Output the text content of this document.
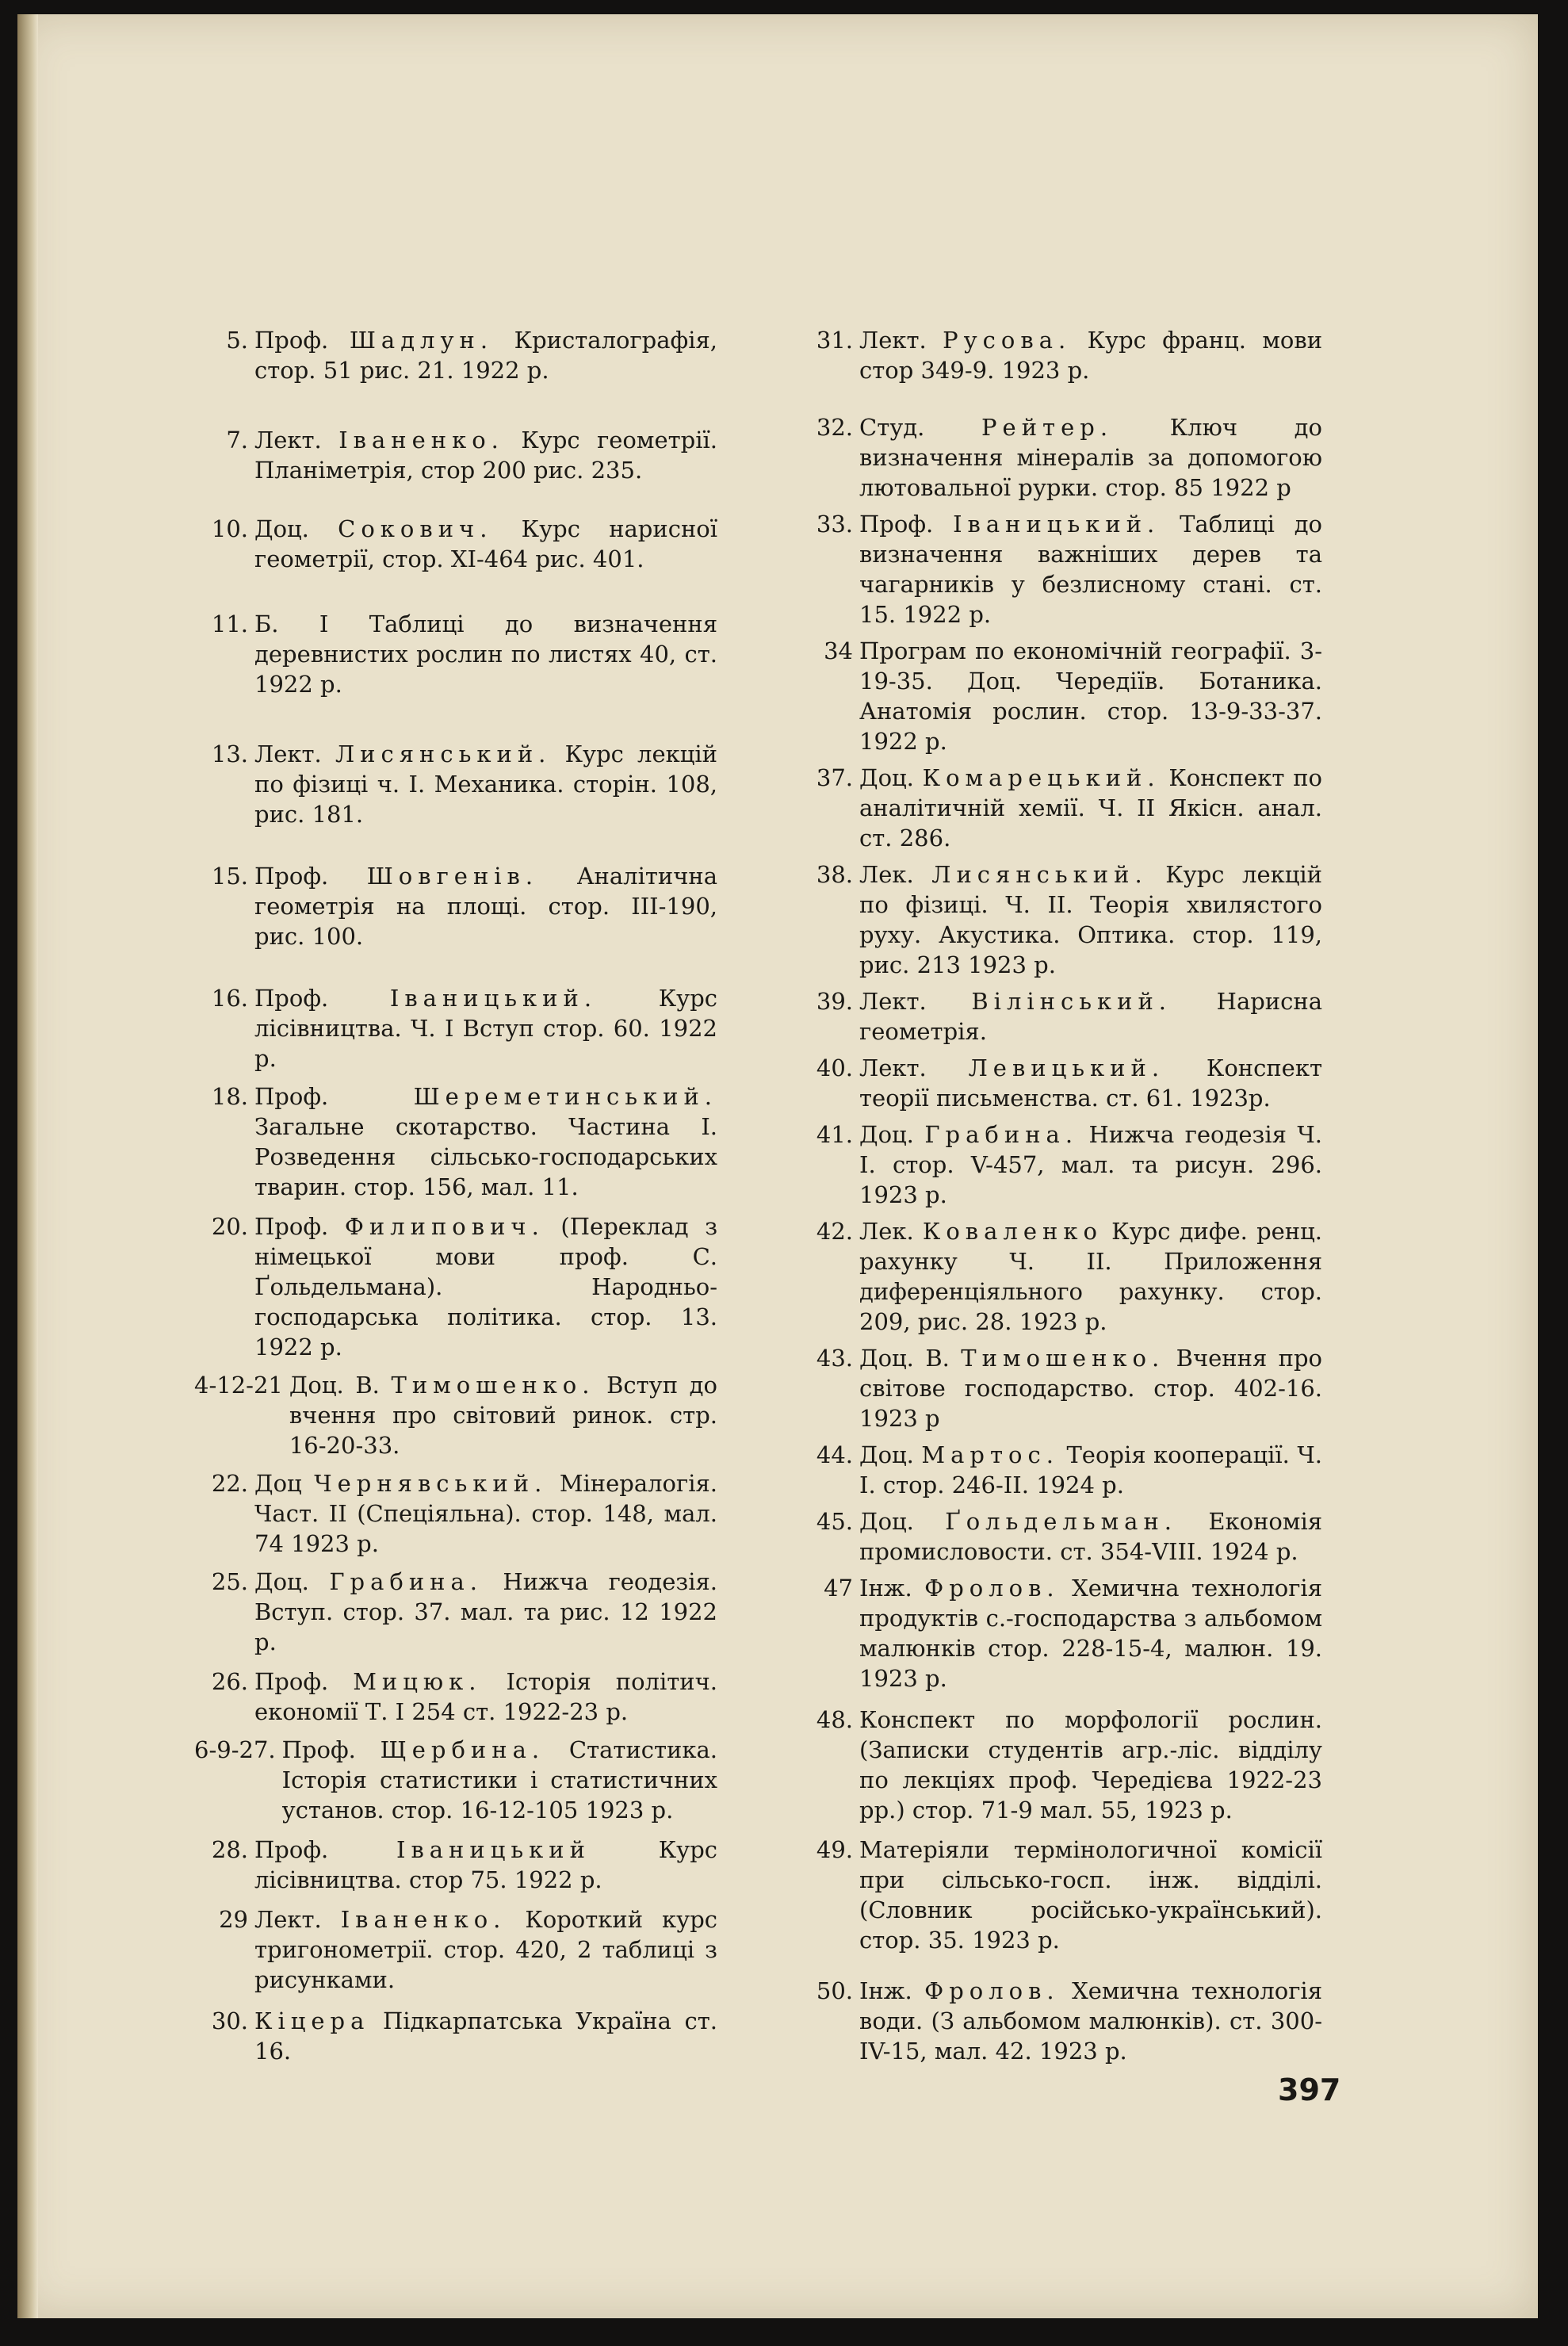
5. Проф. Шадлун. Кристалографія, стор. 51 рис. 21. 1922 р.
7. Лект. Іваненко. Курс геометрії. Планіметрія, стор 200 рис. 235.
10. Доц. Сокович. Курс нарисної геометрії, стор. XI-464 рис. 401.
11. Б. І Таблиці до визначення деревнистих рослин по листях 40, ст. 1922 р.
13. Лект. Лисянський. Курс лекцій по фізиці ч. І. Механика. сторін. 108, рис. 181.
15. Проф. Шовгенів. Аналітична геометрія на площі. стор. III-190, рис. 100.
16. Проф.	Іваницький.	Курс лісівництва. Ч. І Вступ стор. 60. 1922 р.
18. Проф.	Шереметинський. Загальне скотарство. Частина І. Розведення сільсько-господарських тварин. стор. 156, мал. 11.
20. Проф. Филипович. (Переклад з німецької мови проф. С. Ґольдельмана). Народньо-господарська політика. стор. 13. 1922 р.
4-12-21 Доц. В. Тимошенко. Вступ до вчення про світовий ринок. стр. 16-20-33.
22. Доц Чернявський. Мінералогія. Част. II (Спеціяльна). стор. 148, мал. 74 1923 р.
25. Доц. Грабина. Нижча геодезія. Вступ. стор. 37. мал. та рис. 12 1922 р.
26. Проф. Мицюк. Історія політич. економії Т. І 254 ст. 1922-23 р.
6-9-27. Проф. Щербина. Статистика. Історія статистики і статистичних установ. стор. 16-12-105 1923 р.
28. Проф.	Іваницький	Курс лісівництва. стор 75. 1922 р.
29 Лект. Іваненко. Короткий курс тригонометрії. стор. 420, 2 таблиці з рисунками.
30. Кіцера Підкарпатська Україна ст. 16.
31. Лект. Русова. Курс франц. мови стор 349-9. 1923 р.
32. Студ. Рейтер. Ключ до визначення мінералів за допомогою лютовальної рурки. стор. 85 1922 р
33. Проф. Іваницький. Таблиці до визначення важніших дерев та чагарників у безлисному стані. ст. 15. 1922 р.
34 Програм по економічній географії. 3-19-35. Доц. Чередіїв. Ботаника. Анатомія рослин. стор. 13-9-33-37. 1922 р.
37. Доц. Комарецький. Конспект по аналітичній хемії. Ч. ІІ Якісн. анал. ст. 286.
38. Лек. Лисянський. Курс лекцій по фізиці. Ч. ІІ. Теорія хвилястого руху. Акустика. Оптика. стор. 119, рис. 213 1923 р.
39. Лект. Вілінський. Нарисна геометрія.
40. Лект. Левицький. Конспект теорії письменства. ст. 61. 1923р.
41. Доц. Грабина. Нижча геодезія Ч. І. стор. V-457, мал. та рисун. 296. 1923 р.
42. Лек. Коваленко Курс дифе. ренц. рахунку Ч. ІІ. Приложення диференціяльного рахунку. стор. 209, рис. 28. 1923 р.
43. Доц. В. Тимошенко. Вчення про світове господарство. стор. 402-16. 1923 р
44. Доц. Мартос. Теорія кооперації. Ч. І. стор. 246-ІІ. 1924 р.
45. Доц. Ґольдельман. Економія промисловости. ст. 354-VIII. 1924 р.
47 Інж. Фролов. Хемична технологія продуктів с.-господарства з альбомом малюнків стор. 228-15-4, малюн. 19. 1923 р.
48. Конспект по морфології рослин. (Записки студентів агр.-ліс. відділу по лекціях проф. Чередієва 1922-23 рр.) стор. 71-9 мал. 55, 1923 р.
49. Матеріяли термінологичної комісії при сільсько-госп. інж. відділі. (Словник російсько-український). стор. 35. 1923 р.
50. Інж. Фролов. Хемична технологія води. (З альбомом малюнків). ст. 300-IV-15, мал. 42. 1923 р.
397
